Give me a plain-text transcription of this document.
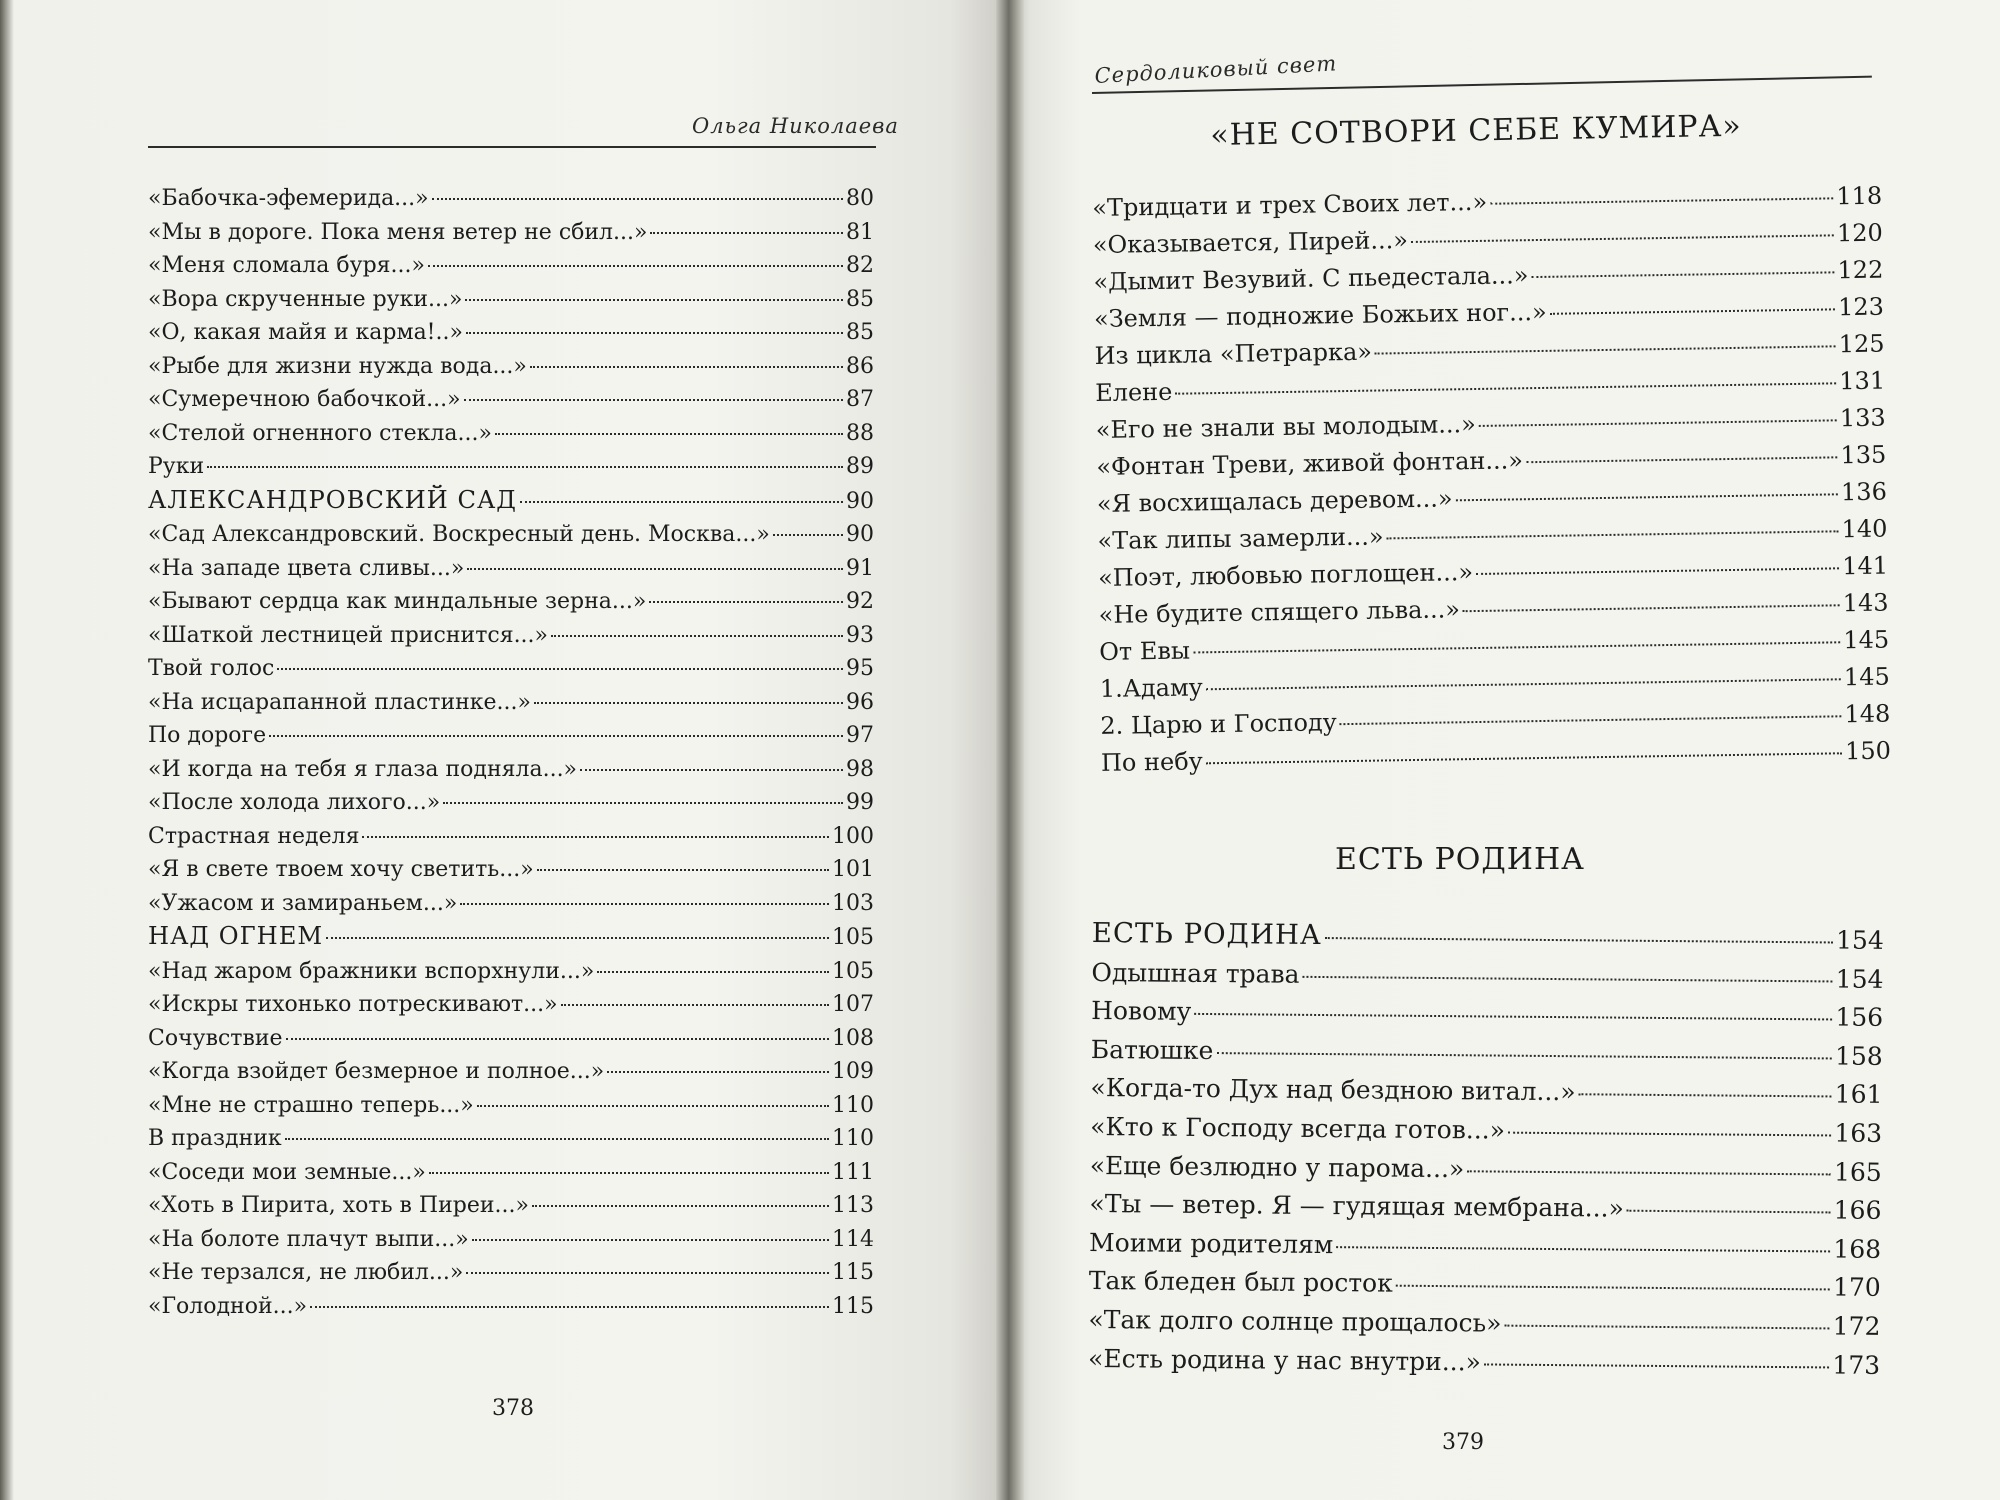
Ольга Николаева
«Бабочка-эфемерида...»	80
«Мы в дороге. Пока меня ветер не сбил...»	81
«Меня сломала буря...»	82
«Вора скрученные руки...»	85
«О, какая майя и карма!..»	85
«Рыбе для жизни нужда вода...»	86
«Сумеречною бабочкой...»	87
«Стелой огненного стекла...»	88
Руки	89
АЛЕКСАНДРОВСКИЙ САД	90
«Сад Александровский. Воскресный день. Москва...»	90
«На западе цвета сливы...»	91
«Бывают сердца как миндальные зерна...»	92
«Шаткой лестницей приснится...»	93
Твой голос	95
«На исцарапанной пластинке...»	96
По дороге	97
«И когда на тебя я глаза подняла...»	98
«После холода лихого...»	99
Страстная неделя	100
«Я в свете твоем хочу светить...»	101
«Ужасом и замираньем...»	103
НАД ОГНЕМ	105
«Над жаром бражники вспорхнули...»	105
«Искры тихонько потрескивают...»	107
Сочувствие	108
«Когда взойдет безмерное и полное...»	109
«Мне не страшно теперь...»	110
В праздник	110
«Соседи мои земные...»	111
«Хоть в Пирита, хоть в Пиреи...»	113
«На болоте плачут выпи...»	114
«Не терзался, не любил...»	115
«Голодной...»	115
378
Сердоликовый свет
«НЕ СОТВОРИ СЕБЕ КУМИРА»
ЕСТЬ РОДИНА
379
«Тридцати и трех Своих лет...»	118
«Оказывается, Пирей...»	120
«Дымит Везувий. С пьедестала...»	122
«Земля — подножие Божьих ног...»	123
Из цикла «Петрарка»	125
Елене	131
«Его не знали вы молодым...»	133
«Фонтан Треви, живой фонтан...»	135
«Я восхищалась деревом...»	136
«Так липы замерли...»	140
«Поэт, любовью поглощен...»	141
«Не будите спящего льва...»	143
От Евы	145
1.Адаму	145
2. Царю и Господу	148
По небу	150
ЕСТЬ РОДИНА	154
Одышная трава	154
Новому	156
Батюшке	158
«Когда-то Дух над бездною витал...»	161
«Кто к Господу всегда готов...»	163
«Еще безлюдно у парома...»	165
«Ты — ветер. Я — гудящая мембрана...»	166
Моими родителям	168
Так бледен был росток	170
«Так долго солнце прощалось»	172
«Есть родина у нас внутри...»	173
